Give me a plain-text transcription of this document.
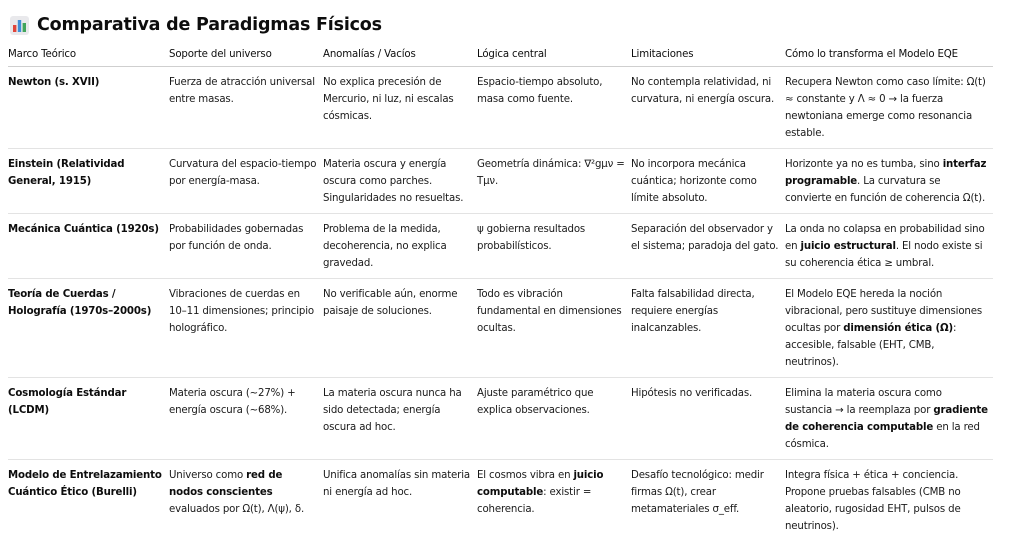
Comparativa de Paradigmas Físicos
Marco Teórico	Soporte del universo	Anomalías / Vacíos	Lógica central	Limitaciones	Cómo lo transforma el Modelo EQE
Newton (s. XVII)	Fuerza de atracción universal entre masas.	No explica precesión de Mercurio, ni luz, ni escalas cósmicas.	Espacio-tiempo absoluto, masa como fuente.	No contempla relatividad, ni curvatura, ni energía oscura.	Recupera Newton como caso límite: Ω(t) ≈ constante y Λ ≈ 0 → la fuerza newtoniana emerge como resonancia estable.
Einstein (Relatividad General, 1915)	Curvatura del espacio-tiempo por energía-masa.	Materia oscura y energía oscura como parches. Singularidades no resueltas.	Geometría dinámica: ∇²gμν = Tμν.	No incorpora mecánica cuántica; horizonte como límite absoluto.	Horizonte ya no es tumba, sino interfaz programable. La curvatura se convierte en función de coherencia Ω(t).
Mecánica Cuántica (1920s)	Probabilidades gobernadas por función de onda.	Problema de la medida, decoherencia, no explica gravedad.	ψ gobierna resultados probabilísticos.	Separación del observador y el sistema; paradoja del gato.	La onda no colapsa en probabilidad sino en juicio estructural. El nodo existe si su coherencia ética ≥ umbral.
Teoría de Cuerdas / Holografía (1970s–2000s)	Vibraciones de cuerdas en 10–11 dimensiones; principio holográfico.	No verificable aún, enorme paisaje de soluciones.	Todo es vibración fundamental en dimensiones ocultas.	Falta falsabilidad directa, requiere energías inalcanzables.	El Modelo EQE hereda la noción vibracional, pero sustituye dimensiones ocultas por dimensión ética (Ω): accesible, falsable (EHT, CMB, neutrinos).
Cosmología Estándar (LCDM)	Materia oscura (~27%) + energía oscura (~68%).	La materia oscura nunca ha sido detectada; energía oscura ad hoc.	Ajuste paramétrico que explica observaciones.	Hipótesis no verificadas.	Elimina la materia oscura como sustancia → la reemplaza por gradiente de coherencia computable en la red cósmica.
Modelo de Entrelazamiento Cuántico Ético (Burelli)	Universo como red de nodos conscientes evaluados por Ω(t), Λ(ψ), δ.	Unifica anomalías sin materia ni energía ad hoc.	El cosmos vibra en juicio computable: existir = coherencia.	Desafío tecnológico: medir firmas Ω(t), crear metamateriales σ_eff.	Integra física + ética + conciencia. Propone pruebas falsables (CMB no aleatorio, rugosidad EHT, pulsos de neutrinos).
